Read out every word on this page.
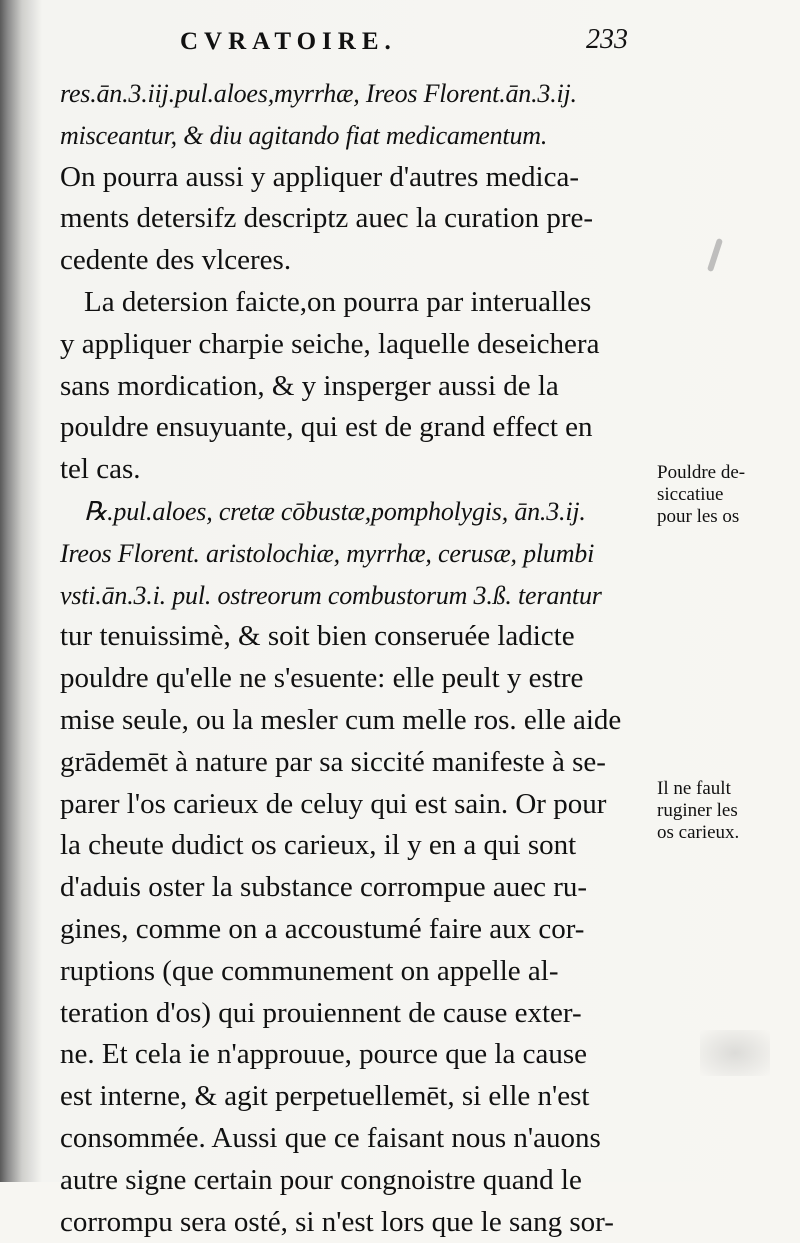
CVRATOIRE.	233
res.ān.3.iij.pul.aloes,myrrhæ, Ireos Florent.ān.3.ij.
misceantur, & diu agitando fiat medicamentum.
On pourra aussi y appliquer d'autres medica-
ments detersifz descriptz auec la curation pre-
cedente des vlceres.
La detersion faicte,on pourra par interualles
y appliquer charpie seiche, laquelle deseichera
sans mordication, & y insperger aussi de la
pouldre ensuyuante, qui est de grand effect en
tel cas.
℞.pul.aloes, cretæ cōbustæ,pompholygis, ān.3.ij.
Ireos Florent. aristolochiæ, myrrhæ, cerusæ, plumbi
vsti.ān.3.i. pul. ostreorum combustorum 3.ß. terantur
tur tenuissimè, & soit bien conseruée ladicte
pouldre qu'elle ne s'esuente: elle peult y estre
mise seule, ou la mesler cum melle ros. elle aide
grādemēt à nature par sa siccité manifeste à se-
parer l'os carieux de celuy qui est sain. Or pour
la cheute dudict os carieux, il y en a qui sont
d'aduis oster la substance corrompue auec ru-
gines, comme on a accoustumé faire aux cor-
ruptions (que communement on appelle al-
teration d'os) qui prouiennent de cause exter-
ne. Et cela ie n'approuue, pource que la cause
est interne, & agit perpetuellemēt, si elle n'est
consommée. Aussi que ce faisant nous n'auons
autre signe certain pour congnoistre quand le
corrompu sera osté, si n'est lors que le sang sor-
Pouldre de-
siccatiue
pour les os
Il ne fault
ruginer les
os carieux.
